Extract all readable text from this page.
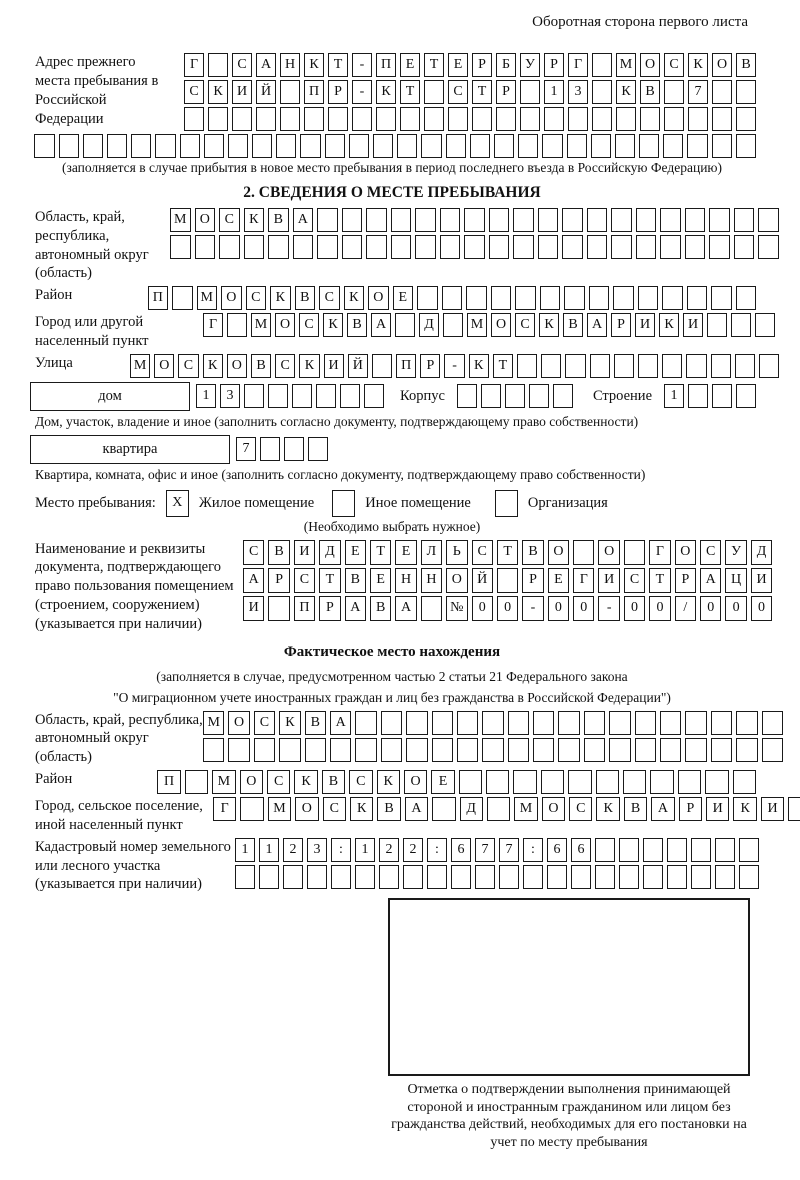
Оборотная сторона первого листа
Адрес прежнего места пребывания в Российской Федерации
Г	С	А Н	К	Т	-	П	Е	Т	Е	Р	Б	У	Р	Г	М О	С	К	О	В
С	К	И Й	П	Р	-	К	Т	С	Т	Р	1	3	К	В	7
(заполняется в случае прибытия в новое место пребывания в период последнего въезда в Российскую Федерацию)
2. СВЕДЕНИЯ О МЕСТЕ ПРЕБЫВАНИЯ
Область, край, республика, автономный округ (область)
М О	С	К	В	А
Район	П	М О	С	К	В	С	К	О	Е
Город или другой населенный пункт
Г	М О	С	К	В	А	Д	М О	С	К	В	А	Р	И	К	И
Улица	М О	С	К	О	В	С	К	И	Й	П	Р	-	К	Т
дом	1	3	Корпус	Строение	1
Дом, участок, владение и иное (заполнить согласно документу, подтверждающему право собственности)
квартира	7
Квартира, комната, офис и иное (заполнить согласно документу, подтверждающему право собственности)
Место пребывания:	X	Жилое помещение	Иное помещение	Организация
(Необходимо выбрать нужное)
Наименование и реквизиты документа, подтверждающего право пользования помещением (строением, сооружением) (указывается при наличии)
С	В	И	Д	Е	Т	Е	Л	Ь	С	Т	В	О	О	Г	О	С	У	Д
А	Р	С	Т	В	Е	Н	Н	О	Й	Р	Е	Г	И	С	Т	Р	А	Ц	И
И	П	Р	А	В	А	№	0	0	-	0	0	-	0	0	/	0	0	0
Фактическое место нахождения
(заполняется в случае, предусмотренном частью 2 статьи 21 Федерального закона
"О миграционном учете иностранных граждан и лиц без гражданства в Российской Федерации")
Область, край, республика, автономный округ (область)
М	О	С	К	В	А
Район	П	М	О	С	К	В	С	К	О	Е
Город, сельское поселение, иной населенный пункт
Г	М	О	С	К	В	А	Д	М	О	С	К	В	А	Р	И	К	И
Кадастровый номер земельного или лесного участка (указывается при наличии)
1	1	2	3	:	1	2	2	:	6	7	7	:	6	6
Отметка о подтверждении выполнения принимающей стороной и иностранным гражданином или лицом без гражданства действий, необходимых для его постановки на учет по месту пребывания
